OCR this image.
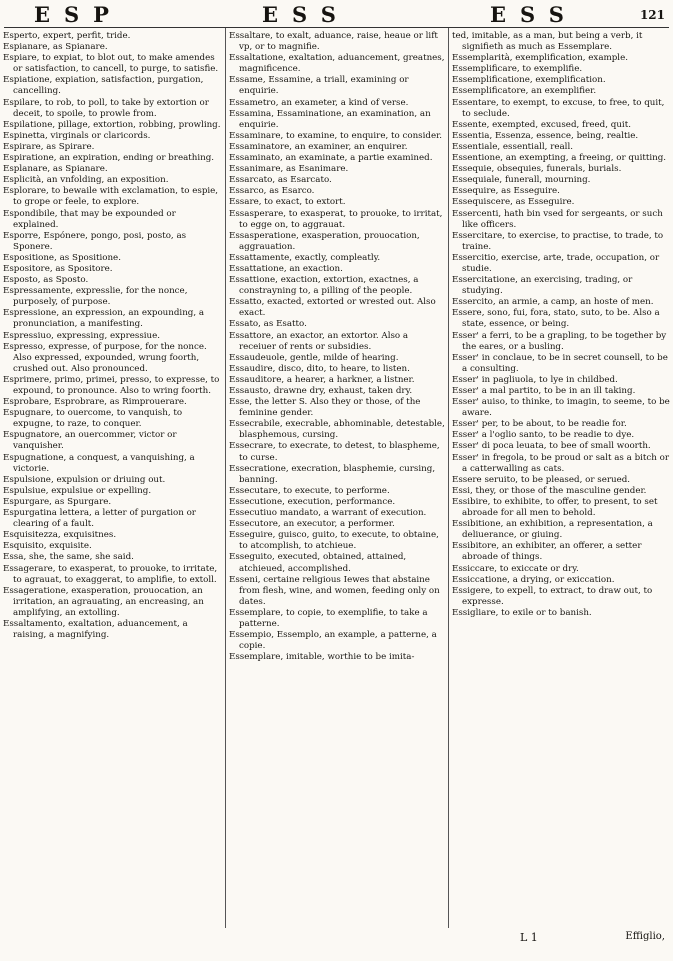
ESP	ESS	ESS	121

Esperto, expert, perfit, tride.

Espianare, as Spianare.

Espiare, to expiat, to blot out, to make amendes or satisfaction, to cancell, to purge, to satisfie.

Espiatione, expiation, satisfaction, purgation, cancelling.

Espilare, to rob, to poll, to take by extortion or deceit, to spoile, to prowle from.

Espilatione, pillage, extortion, robbing, prowling.

Espinetta, virginals or claricords.

Espirare, as Spirare.

Espiratione, an expiration, ending or breathing.

Esplanare, as Spianare.

Esplicità, an vnfolding, an exposition.

Esplorare, to bewaile with exclamation, to espie, to grope or feele, to explore.

Espondibile, that may be expounded or explained.

Esporre, Espónere, pongo, posi, posto, as Sponere.

Espositione, as Spositione.

Espositore, as Spositore.

Esposto, as Sposto.

Espressamente, expresslie, for the nonce, purposely, of purpose.

Espressione, an expression, an expounding, a pronunciation, a manifesting.

Espressiuo, expressing, expressiue.

Espresso, expresse, of purpose, for the nonce. Also expressed, expounded, wrung foorth, crushed out. Also pronounced.

Esprimere, primo, primei, presso, to expresse, to expound, to pronounce. Also to wring foorth.

Esprobare, Esprobrare, as Rimprouerare.

Espugnare, to ouercome, to vanquish, to expugne, to raze, to conquer.

Espugnatore, an ouercommer, victor or vanquisher.

Espugnatione, a conquest, a vanquishing, a victorie.

Espulsione, expulsion or driuing out.

Espulsiue, expulsiue or expelling.

Espurgare, as Spurgare.

Espurgatina lettera, a letter of purgation or clearing of a fault.

Esquisitezza, exquisitnes.

Esquisito, exquisite.

Essa, she, the same, she said.

Essagerare, to exasperat, to prouoke, to irritate, to agrauat, to exaggerat, to amplifie, to extoll.

Essageratione, exasperation, prouocation, an irritation, an agrauating, an encreasing, an amplifying, an extolling.

Essaltamento, exaltation, aduancement, a raising, a magnifying.

Essaltare, to exalt, aduance, raise, heaue or lift vp, or to magnifie.

Essaltatione, exaltation, aduancement, greatnes, magnificence.

Essame, Essamine, a triall, examining or enquirie.

Essametro, an exameter, a kind of verse.

Essamina, Essaminatione, an examination, an enquirie.

Essaminare, to examine, to enquire, to consider.

Essaminatore, an examiner, an enquirer.

Essaminato, an examinate, a partie examined.

Essanimare, as Esanimare.

Essarcato, as Esarcato.

Essarco, as Esarco.

Essare, to exact, to extort.

Essasperare, to exasperat, to prouoke, to irritat, to egge on, to aggrauat.

Essasperatione, exasperation, prouocation, aggrauation.

Essattamente, exactly, compleatly.

Essattatione, an exaction.

Essattione, exaction, extortion, exactnes, a constrayning to, a pilling of the people.

Essatto, exacted, extorted or wrested out. Also exact.

Essato, as Esatto.

Essattore, an exactor, an extortor. Also a receiuer of rents or subsidies.

Essaudeuole, gentle, milde of hearing.

Essaudire, disco, dito, to heare, to listen.

Essauditore, a hearer, a harkner, a listner.

Essausto, drawne dry, exhaust, taken dry.

Esse, the letter S. Also they or those, of the feminine gender.

Essecrabile, execrable, abhominable, detestable, blasphemous, cursing.

Essecrare, to execrate, to detest, to blaspheme, to curse.

Essecratione, execration, blasphemie, cursing, banning.

Essecutare, to execute, to performe.

Essecutione, execution, performance.

Essecutiuo mandato, a warrant of execution.

Essecutore, an executor, a performer.

Esseguire, guisco, guito, to execute, to obtaine, to atcomplish, to atchieue.

Esseguito, executed, obtained, attained, atchieued, accomplished.

Esseni, certaine religious Iewes that abstaine from flesh, wine, and women, feeding only on dates.

Essemplare, to copie, to exemplifie, to take a patterne.

Essempio, Essemplo, an example, a patterne, a copie.

Essemplare, imitable, worthie to be imita-

ted, imitable, as a man, but being a verb, it signifieth as much as Essemplare.

Essemplarità, exemplification, example.

Essemplificare, to exemplifie.

Essemplificatione, exemplification.

Essemplificatore, an exemplifier.

Essentare, to exempt, to excuse, to free, to quit, to seclude.

Essente, exempted, excused, freed, quit.

Essentia, Essenza, essence, being, realtie.

Essentiale, essentiall, reall.

Essentione, an exempting, a freeing, or quitting.

Essequie, obsequies, funerals, burials.

Essequiale, funerall, mourning.

Essequire, as Esseguire.

Essequiscere, as Esseguire.

Essercenti, hath bin vsed for sergeants, or such like officers.

Essercitare, to exercise, to practise, to trade, to traine.

Essercitio, exercise, arte, trade, occupation, or studie.

Essercitatione, an exercising, trading, or studying.

Essercito, an armie, a camp, an hoste of men.

Essere, sono, fui, fora, stato, suto, to be. Also a state, essence, or being.

Esser' a ferri, to be a grapling, to be together by the eares, or a busling.

Esser' in conclaue, to be in secret counsell, to be a consulting.

Esser' in pagliuola, to lye in childbed.

Esser' a mal partito, to be in an ill taking.

Esser' auiso, to thinke, to imagin, to seeme, to be aware.

Esser' per, to be about, to be readie for.

Esser' a l'oglio santo, to be readie to dye.

Esser' di poca leuata, to bee of small woorth.

Esser' in fregola, to be proud or salt as a bitch or a catterwalling as cats.

Essere seruito, to be pleased, or serued.

Essi, they, or those of the masculine gender.

Essibire, to exhibite, to offer, to present, to set abroade for all men to behold.

Essibitione, an exhibition, a representation, a deliuerance, or giuing.

Essibitore, an exhibiter, an offerer, a setter abroade of things.

Essiccare, to exiccate or dry.

Essiccatione, a drying, or exiccation.

Essigere, to expell, to extract, to draw out, to expresse.

Essigliare, to exile or to banish.

L 1	Effiglio,
